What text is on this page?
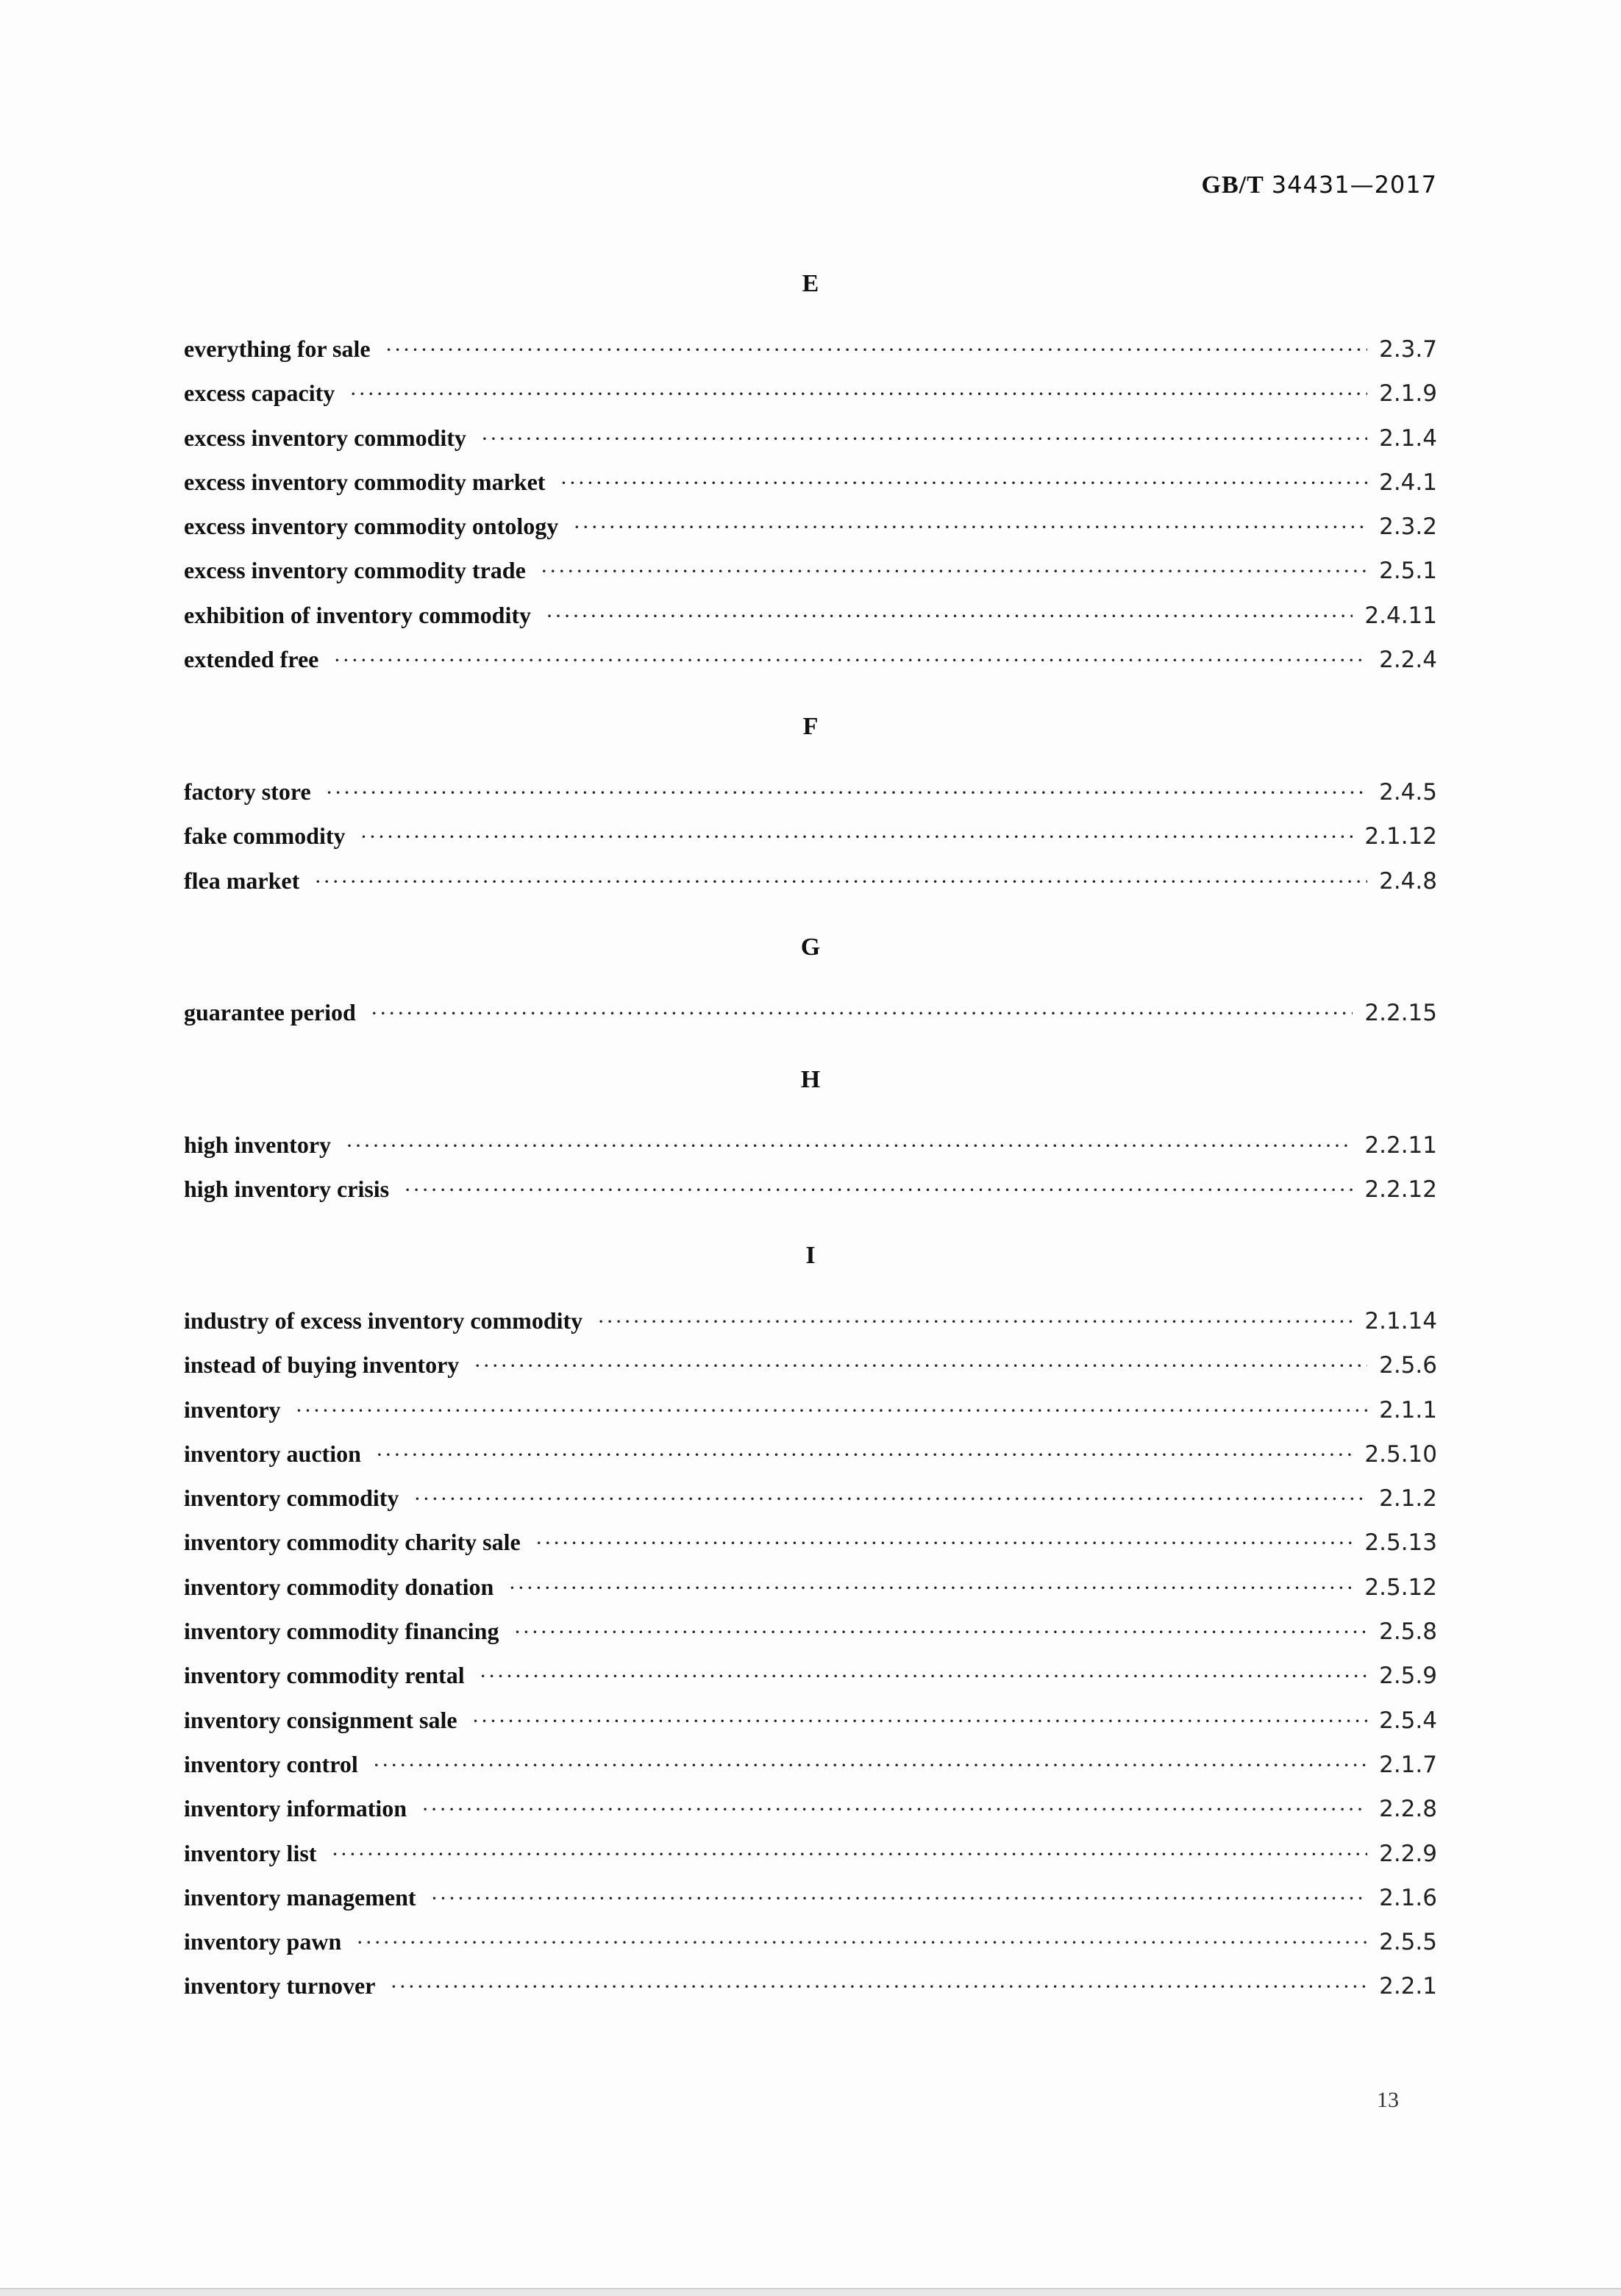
GB/T 34431—2017
E
everything for sale ·····	2.3.7
excess capacity ·····	2.1.9
excess inventory commodity ·····	2.1.4
excess inventory commodity market ·····	2.4.1
excess inventory commodity ontology ·····	2.3.2
excess inventory commodity trade ·····	2.5.1
exhibition of inventory commodity ·····	2.4.11
extended free ·····	2.2.4
F
factory store ·····	2.4.5
fake commodity ·····	2.1.12
flea market ·····	2.4.8
G
guarantee period ·····	2.2.15
H
high inventory ·····	2.2.11
high inventory crisis ·····	2.2.12
I
industry of excess inventory commodity ·····	2.1.14
instead of buying inventory ·····	2.5.6
inventory ·····	2.1.1
inventory auction ·····	2.5.10
inventory commodity ·····	2.1.2
inventory commodity charity sale ·····	2.5.13
inventory commodity donation ·····	2.5.12
inventory commodity financing ·····	2.5.8
inventory commodity rental ·····	2.5.9
inventory consignment sale ·····	2.5.4
inventory control ·····	2.1.7
inventory information ·····	2.2.8
inventory list ·····	2.2.9
inventory management ·····	2.1.6
inventory pawn ·····	2.5.5
inventory turnover ·····	2.2.1
13
